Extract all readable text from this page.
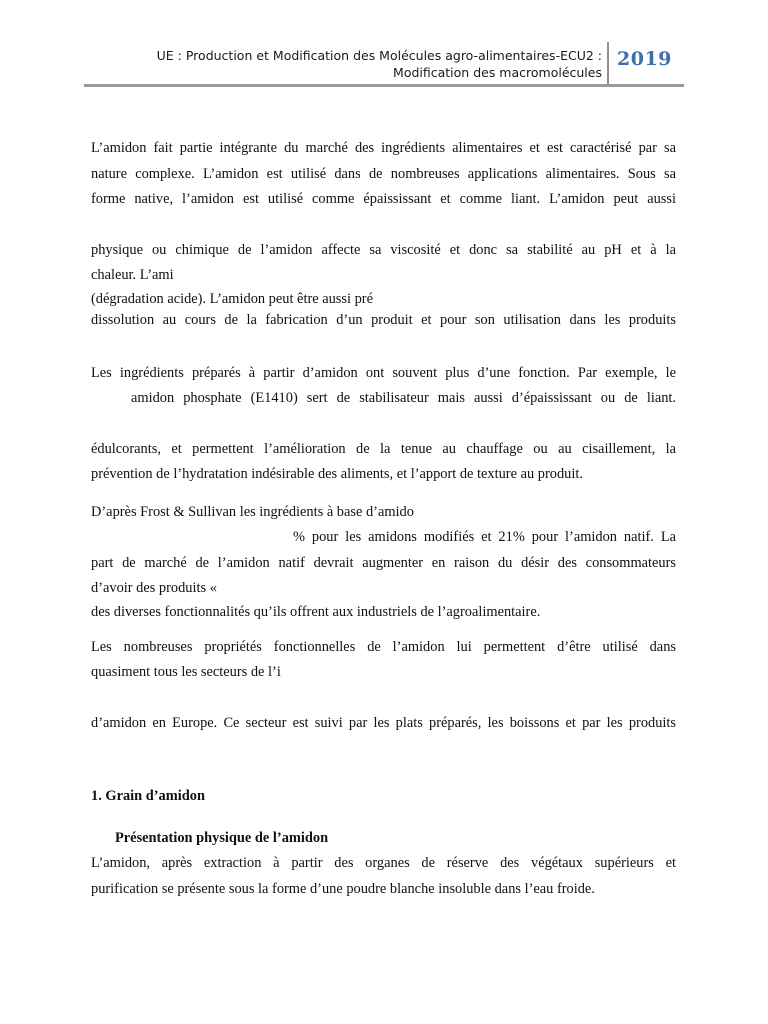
UE : Production et Modification des Molécules agro-alimentaires-ECU2 :
Modification des macromolécules
2019

L’amidon fait partie intégrante du marché des ingrédients alimentaires et est caractérisé par sa

nature complexe. L’amidon est utilisé dans de nombreuses applications alimentaires. Sous sa

forme native, l’amidon est utilisé comme épaississant et comme liant. L’amidon peut aussi

physique ou chimique de l’amidon affecte sa viscosité et donc sa stabilité au pH et à la

chaleur. L’ami

(dégradation acide). L’amidon peut être aussi pré

dissolution au cours de la fabrication d’un produit et pour son utilisation dans les produits

Les ingrédients préparés à partir d’amidon ont souvent plus d’une fonction. Par exemple, le

amidon phosphate (E1410) sert de stabilisateur mais aussi d’épaississant ou de liant.

édulcorants, et permettent l’amélioration de la tenue au chauffage ou au cisaillement, la

prévention de l’hydratation indésirable des aliments, et l’apport de texture au produit.

D’après Frost & Sullivan les ingrédients à base d’amido

% pour les amidons modifiés et 21% pour l’amidon natif. La

part de marché de l’amidon natif devrait augmenter en raison du désir des consommateurs

d’avoir des produits «

des diverses fonctionnalités qu’ils offrent aux industriels de l’agroalimentaire.

Les nombreuses propriétés fonctionnelles de l’amidon lui permettent d’être utilisé dans

quasiment tous les secteurs de l’i

d’amidon en Europe. Ce secteur est suivi par les plats préparés, les boissons et par les produits

1. Grain d’amidon

Présentation physique de l’amidon

L’amidon, après extraction à partir des organes de réserve des végétaux supérieurs et

purification se présente sous la forme d’une poudre blanche insoluble dans l’eau froide.
